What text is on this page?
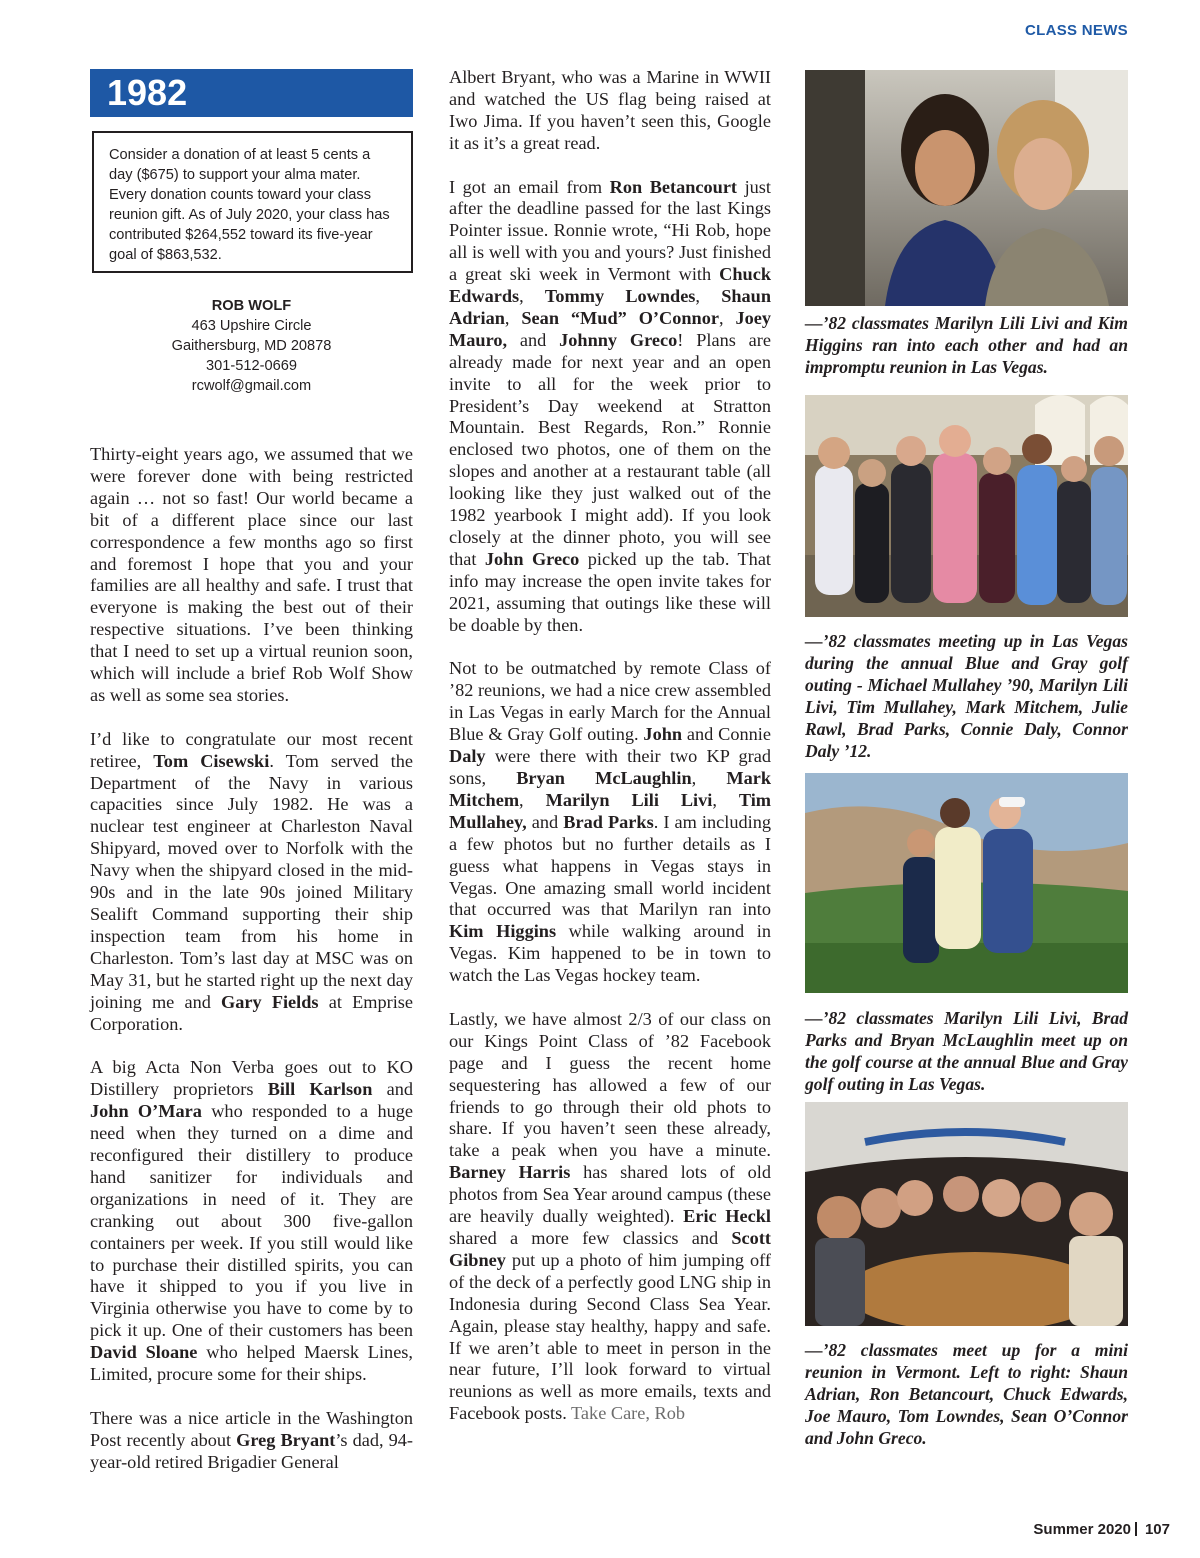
CLASS NEWS
1982
Consider a donation of at least 5 cents a day ($675) to support your alma mater. Every donation counts toward your class reunion gift. As of July 2020, your class has contributed $264,552 toward its five-year goal of $863,532.
ROB WOLF
463 Upshire Circle
Gaithersburg, MD 20878
301-512-0669
rcwolf@gmail.com

Thirty-eight years ago, we assumed that we were forever done with being restricted again … not so fast! Our world became a bit of a different place since our last correspondence a few months ago so first and foremost I hope that you and your families are all healthy and safe. I trust that everyone is making the best out of their respective situations. I’ve been thinking that I need to set up a virtual reunion soon, which will include a brief Rob Wolf Show as well as some sea stories.

I’d like to congratulate our most recent retiree, Tom Cisewski. Tom served the Department of the Navy in various capacities since July 1982. He was a nuclear test engineer at Charleston Naval Shipyard, moved over to Norfolk with the Navy when the shipyard closed in the mid-90s and in the late 90s joined Military Sealift Command supporting their ship inspection team from his home in Charleston. Tom’s last day at MSC was on May 31, but he started right up the next day joining me and Gary Fields at Emprise Corporation.

A big Acta Non Verba goes out to KO Distillery proprietors Bill Karlson and John O’Mara who responded to a huge need when they turned on a dime and reconfigured their distillery to produce hand sanitizer for individuals and organizations in need of it. They are cranking out about 300 five-gallon containers per week. If you still would like to purchase their distilled spirits, you can have it shipped to you if you live in Virginia otherwise you have to come by to pick it up. One of their customers has been David Sloane who helped Maersk Lines, Limited, procure some for their ships.

There was a nice article in the Washington Post recently about Greg Bryant’s dad, 94-year-old retired Brigadier General

Albert Bryant, who was a Marine in WWII and watched the US flag being raised at Iwo Jima. If you haven’t seen this, Google it as it’s a great read.

I got an email from Ron Betancourt just after the deadline passed for the last Kings Pointer issue. Ronnie wrote, “Hi Rob, hope all is well with you and yours? Just finished a great ski week in Vermont with Chuck Edwards, Tommy Lowndes, Shaun Adrian, Sean “Mud” O’Connor, Joey Mauro, and Johnny Greco! Plans are already made for next year and an open invite to all for the week prior to President’s Day weekend at Stratton Mountain. Best Regards, Ron.” Ronnie enclosed two photos, one of them on the slopes and another at a restaurant table (all looking like they just walked out of the 1982 yearbook I might add). If you look closely at the dinner photo, you will see that John Greco picked up the tab. That info may increase the open invite takes for 2021, assuming that outings like these will be doable by then.

Not to be outmatched by remote Class of ’82 reunions, we had a nice crew assembled in Las Vegas in early March for the Annual Blue & Gray Golf outing. John and Connie Daly were there with their two KP grad sons, Bryan McLaughlin, Mark Mitchem, Marilyn Lili Livi, Tim Mullahey, and Brad Parks. I am including a few photos but no further details as I guess what happens in Vegas stays in Vegas. One amazing small world incident that occurred was that Marilyn ran into Kim Higgins while walking around in Vegas. Kim happened to be in town to watch the Las Vegas hockey team.

Lastly, we have almost 2/3 of our class on our Kings Point Class of ’82 Facebook page and I guess the recent home sequestering has allowed a few of our friends to go through their old phots to share. If you haven’t seen these already, take a peak when you have a minute. Barney Harris has shared lots of old photos from Sea Year around campus (these are heavily dually weighted). Eric Heckl shared a more few classics and Scott Gibney put up a photo of him jumping off of the deck of a perfectly good LNG ship in Indonesia during Second Class Sea Year. Again, please stay healthy, happy and safe. If we aren’t able to meet in person in the near future, I’ll look forward to virtual reunions as well as more emails, texts and Facebook posts. Take Care, Rob

—’82 classmates Marilyn Lili Livi and Kim Higgins ran into each other and had an impromptu reunion in Las Vegas.
—’82 classmates meeting up in Las Vegas during the annual Blue and Gray golf outing - Michael Mullahey ’90, Marilyn Lili Livi, Tim Mullahey, Mark Mitchem, Julie Rawl, Brad Parks, Connie Daly, Connor Daly ’12.
—’82 classmates Marilyn Lili Livi, Brad Parks and Bryan McLaughlin meet up on the golf course at the annual Blue and Gray golf outing in Las Vegas.
—’82 classmates meet up for a mini reunion in Vermont. Left to right: Shaun Adrian, Ron Betancourt, Chuck Edwards, Joe Mauro, Tom Lowndes, Sean O’Connor and John Greco.
Summer 2020 107
